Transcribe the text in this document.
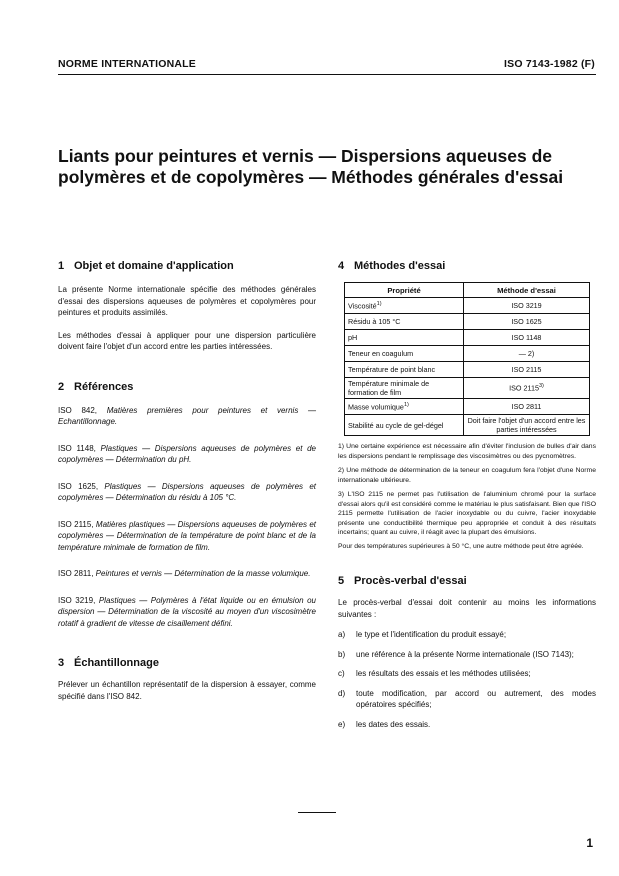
NORME INTERNATIONALE	ISO 7143-1982 (F)
Liants pour peintures et vernis — Dispersions aqueuses de polymères et de copolymères — Méthodes générales d'essai
1 Objet et domaine d'application
La présente Norme internationale spécifie des méthodes générales d'essai des dispersions aqueuses de polymères et copolymères pour peintures et produits assimilés.
Les méthodes d'essai à appliquer pour une dispersion particulière doivent faire l'objet d'un accord entre les parties intéressées.
2 Références
ISO 842, Matières premières pour peintures et vernis — Echantillonnage.
ISO 1148, Plastiques — Dispersions aqueuses de polymères et de copolymères — Détermination du pH.
ISO 1625, Plastiques — Dispersions aqueuses de polymères et copolymères — Détermination du résidu à 105 °C.
ISO 2115, Matières plastiques — Dispersions aqueuses de polymères et copolymères — Détermination de la température de point blanc et de la température minimale de formation de film.
ISO 2811, Peintures et vernis — Détermination de la masse volumique.
ISO 3219, Plastiques — Polymères à l'état liquide ou en émulsion ou dispersion — Détermination de la viscosité au moyen d'un viscosimètre rotatif à gradient de vitesse de cisaillement défini.
3 Échantillonnage
Prélever un échantillon représentatif de la dispersion à essayer, comme spécifié dans l'ISO 842.
4 Méthodes d'essai
Propriété	Méthode d'essai
Viscosité$^{1)}$	ISO 3219
Résidu à 105 °C	ISO 1625
pH	ISO 1148
Teneur en coagulum	— 2)
Température de point blanc	ISO 2115
Température minimale de formation de film	ISO 2115$^{3)}$
Masse volumique$^{1)}$	ISO 2811
Stabilité au cycle de gel-dégel	Doit faire l'objet d'un accord entre les parties intéressées
1) Une certaine expérience est nécessaire afin d'éviter l'inclusion de bulles d'air dans les dispersions pendant le remplissage des viscosimètres ou des pycnomètres.
2) Une méthode de détermination de la teneur en coagulum fera l'objet d'une Norme internationale ultérieure.
3) L'ISO 2115 ne permet pas l'utilisation de l'aluminium chromé pour la surface d'essai alors qu'il est considéré comme le matériau le plus satisfaisant. Bien que l'ISO 2115 permette l'utilisation de l'acier inoxydable ou du cuivre, l'acier inoxydable présente une conductibilité thermique peu appropriée et conduit à des résultats incertains; quant au cuivre, il réagit avec la plupart des émulsions.
Pour des températures supérieures à 50 °C, une autre méthode peut être agréée.
5 Procès-verbal d'essai
Le procès-verbal d'essai doit contenir au moins les informations suivantes :
a)	le type et l'identification du produit essayé;
b)	une référence à la présente Norme internationale (ISO 7143);
c)	les résultats des essais et les méthodes utilisées;
d)	toute modification, par accord ou autrement, des modes opératoires spécifiés;
e)	les dates des essais.
1
